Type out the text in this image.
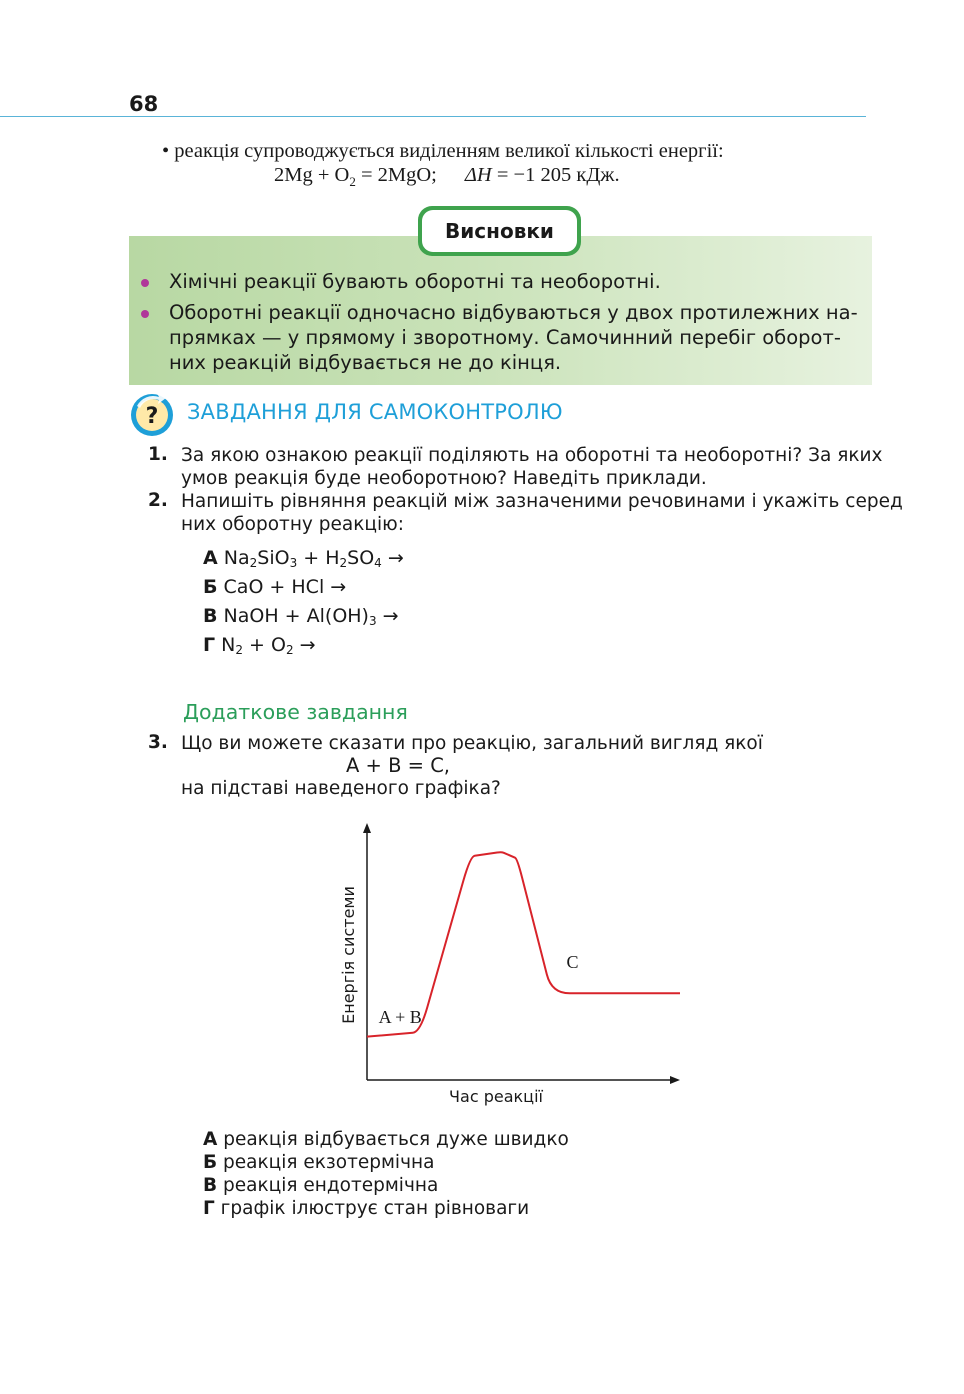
68
• реакція супроводжується виділенням великої кількості енергії:
$2Mg + O_2 = 2MgO$; ΔH = −1 205 кДж.
Висновки
Хімічні реакції бувають оборотні та необоротні.
Оборотні реакції одночасно відбуваються у двох протилежних на-
прямках — у прямому і зворотному. Самочинний перебіг оборот-
них реакцій відбувається не до кінця.
? ЗАВДАННЯ ДЛЯ САМОКОНТРОЛЮ
1. За якою ознакою реакції поділяють на оборотні та необоротні? За яких
умов реакція буде необоротною? Наведіть приклади.
2. Напишіть рівняння реакцій між зазначеними речовинами і укажіть серед
них оборотну реакцію:
А $Na_2SiO_3 + H_2SO_4$ →
Б CaO + HCl →
В NaOH + $Al(OH)_3$ →
Г $N_2 + O_2$ →
Додаткове завдання
3. Що ви можете сказати про реакцію, загальний вигляд якої
A + B = C,
на підставі наведеного графіка?
A + B
C
Час реакції
Енергія системи
А реакція відбувається дуже швидко
Б реакція екзотермічна
В реакція ендотермічна
Г графік ілюструє стан рівноваги
